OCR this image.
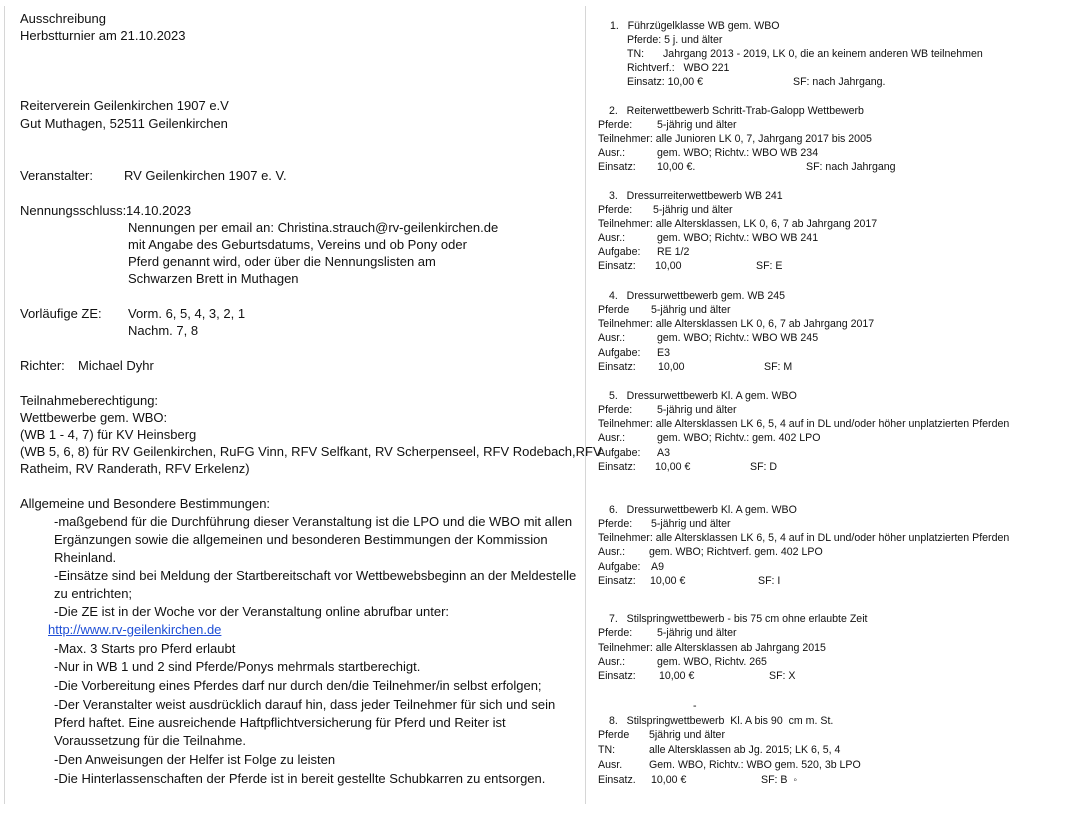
Ausschreibung
Herbstturnier am 21.10.2023
Reiterverein Geilenkirchen 1907 e.V
Gut Muthagen, 52511 Geilenkirchen
Veranstalter: RV Geilenkirchen 1907 e. V.
Nennungsschluss: 14.10.2023
Nennungen per email an: Christina.strauch@rv-geilenkirchen.de
mit Angabe des Geburtsdatums, Vereins und ob Pony oder
Pferd genannt wird, oder über die Nennungslisten am
Schwarzen Brett in Muthagen
Vorläufige ZE: Vorm. 6, 5, 4, 3, 2, 1
Nachm. 7, 8
Richter: Michael Dyhr
Teilnahmeberechtigung:
Wettbewerbe gem. WBO:
(WB 1 - 4, 7) für KV Heinsberg
(WB 5, 6, 8) für RV Geilenkirchen, RuFG Vinn, RFV Selfkant, RV Scherpenseel, RFV Rodebach,RFV
Ratheim, RV Randerath, RFV Erkelenz)
Allgemeine und Besondere Bestimmungen:
-maßgebend für die Durchführung dieser Veranstaltung ist die LPO und die WBO mit allen
Ergänzungen sowie die allgemeinen und besonderen Bestimmungen der Kommission
Rheinland.
-Einsätze sind bei Meldung der Startbereitschaft vor Wettbewebsbeginn an der Meldestelle
zu entrichten;
-Die ZE ist in der Woche vor der Veranstaltung online abrufbar unter:
http://www.rv-geilenkirchen.de
-Max. 3 Starts pro Pferd erlaubt
-Nur in WB 1 und 2 sind Pferde/Ponys mehrmals startberechigt.
-Die Vorbereitung eines Pferdes darf nur durch den/die Teilnehmer/in selbst erfolgen;
-Der Veranstalter weist ausdrücklich darauf hin, dass jeder Teilnehmer für sich und sein
Pferd haftet. Eine ausreichende Haftpflichtversicherung für Pferd und Reiter ist
Voraussetzung für die Teilnahme.
-Den Anweisungen der Helfer ist Folge zu leisten
-Die Hinterlassenschaften der Pferde ist in bereit gestellte Schubkarren zu entsorgen.
1.   Führzügelklasse WB gem. WBO
Pferde: 5 j. und älter
TN: Jahrgang 2013 - 2019, LK 0, die an keinem anderen WB teilnehmen
Richtverf.:   WBO 221
Einsatz: 10,00 €	SF: nach Jahrgang.
2.   Reiterwettbewerb Schritt-Trab-Galopp Wettbewerb
Pferde: 5-jährig und älter
Teilnehmer: alle Junioren LK 0, 7, Jahrgang 2017 bis 2005
Ausr.:	gem. WBO; Richtv.: WBO WB 234
Einsatz: 10,00 €.	SF: nach Jahrgang
3.   Dressurreiterwettbewerb WB 241
Pferde: 5-jährig und älter
Teilnehmer: alle Altersklassen, LK 0, 6, 7 ab Jahrgang 2017
Ausr.:	gem. WBO; Richtv.: WBO WB 241
Aufgabe: RE 1/2
Einsatz: 10,00	SF: E
4.   Dressurwettbewerb gem. WB 245
Pferde 5-jährig und älter
Teilnehmer: alle Altersklassen LK 0, 6, 7 ab Jahrgang 2017
Ausr.:	gem. WBO; Richtv.: WBO WB 245
Aufgabe: E3
Einsatz: 10,00	SF: M
5.   Dressurwettbewerb Kl. A gem. WBO
Pferde: 5-jährig und älter
Teilnehmer: alle Altersklassen LK 6, 5, 4 auf in DL und/oder höher unplatzierten Pferden
Ausr.:	gem. WBO; Richtv.: gem. 402 LPO
Aufgabe: A3
Einsatz: 10,00 €	SF: D
6.   Dressurwettbewerb Kl. A gem. WBO
Pferde: 5-jährig und älter
Teilnehmer: alle Altersklassen LK 6, 5, 4 auf in DL und/oder höher unplatzierten Pferden
Ausr.: gem. WBO; Richtverf. gem. 402 LPO
Aufgabe: A9
Einsatz: 10,00 €	SF: I
7.   Stilspringwettbewerb - bis 75 cm ohne erlaubte Zeit
Pferde: 5-jährig und älter
Teilnehmer: alle Altersklassen ab Jahrgang 2015
Ausr.:	gem. WBO, Richtv. 265
Einsatz: 10,00 €	SF: X
-
8.   Stilspringwettbewerb  Kl. A bis 90  cm m. St.
Pferde 5jährig und älter
TN:	alle Altersklassen ab Jg. 2015; LK 6, 5, 4
Ausr.	Gem. WBO, Richtv.: WBO gem. 520, 3b LPO
Einsatz. 10,00 €	SF: B  ◦
